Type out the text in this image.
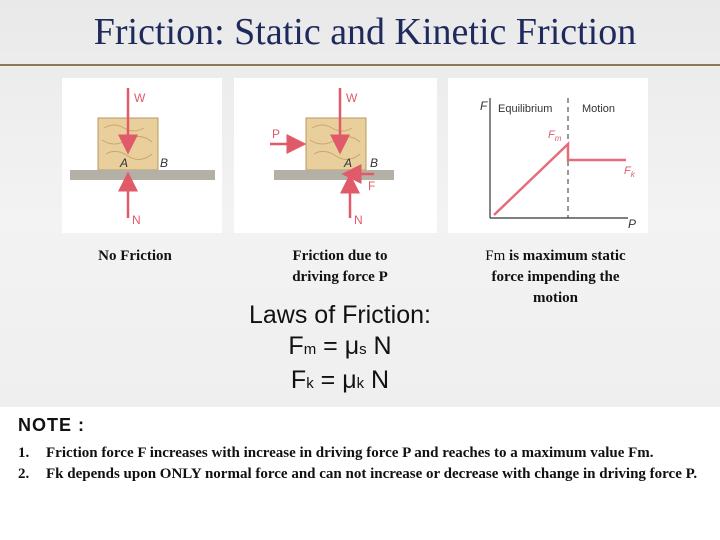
Friction: Static and Kinetic Friction
W
A	B
N
W
P
A B
F
N
F Equilibrium	Motion
$F_m$
$F_k$
P
No Friction	Friction due to
driving force P
Fm is maximum static
force impending the
motion
Laws of Friction:
Fm = μs N
Fk = μk N
NOTE :
1. Friction force F increases with increase in driving force P and reaches to a maximum value Fm.
2. Fk depends upon ONLY normal force and can not increase or decrease with change in driving force P.
